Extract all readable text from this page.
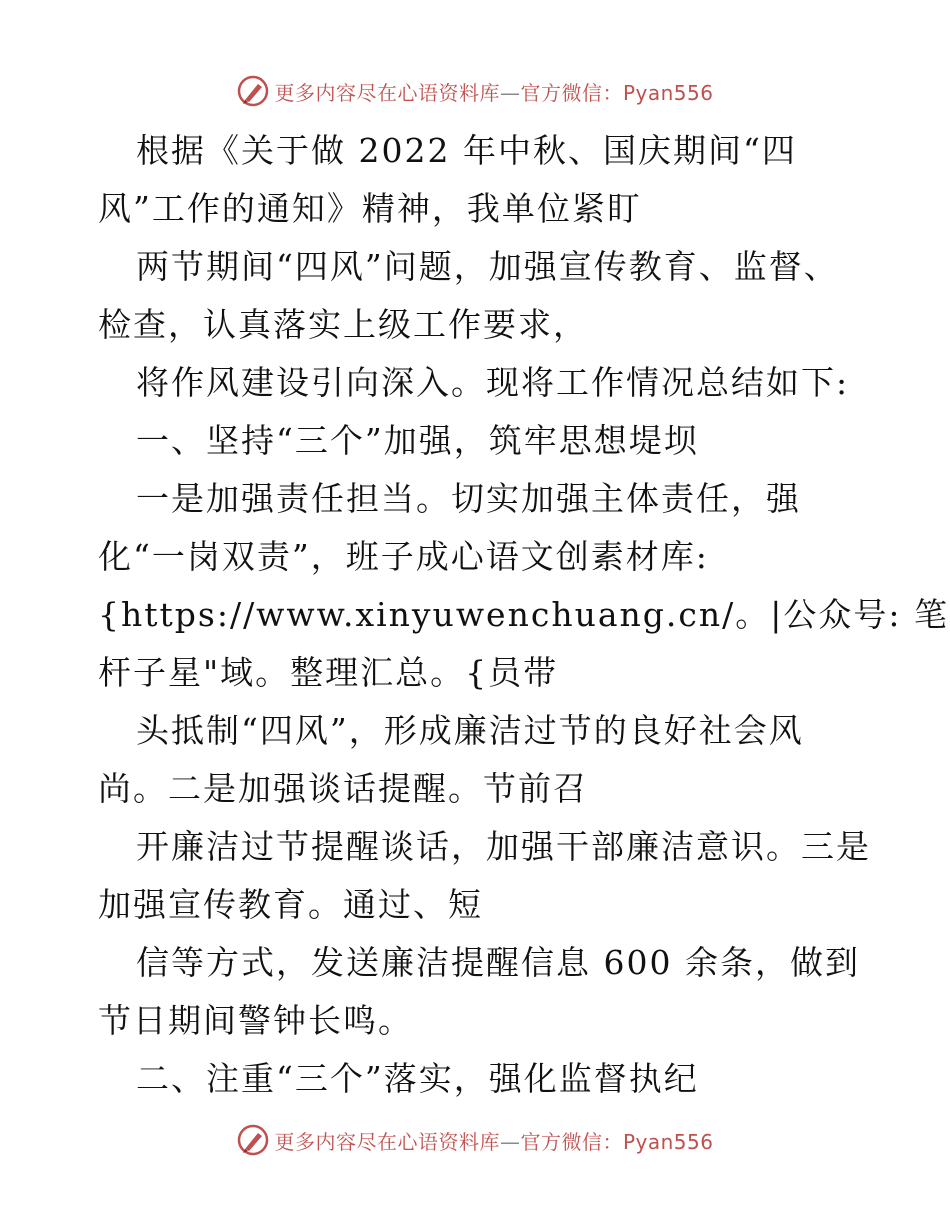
更多内容尽在心语资料库—官方微信：Pyan556
根据《关于做 2022 年中秋、国庆期间“四
风”工作的通知》精神，我单位紧盯
两节期间“四风”问题，加强宣传教育、监督、
检查，认真落实上级工作要求，
将作风建设引向深入。现将工作情况总结如下:
一、坚持“三个”加强，筑牢思想堤坝
一是加强责任担当。切实加强主体责任，强
化“一岗双责”，班子成心语文创素材库:
{https://www.xinyuwenchuang.cn/。|公众号: 笔
杆子星"域。整理汇总。{员带
头抵制“四风”，形成廉洁过节的良好社会风
尚。二是加强谈话提醒。节前召
开廉洁过节提醒谈话，加强干部廉洁意识。三是
加强宣传教育。通过、短
信等方式，发送廉洁提醒信息 600 余条，做到
节日期间警钟长鸣。
二、注重“三个”落实，强化监督执纪
更多内容尽在心语资料库—官方微信：Pyan556
